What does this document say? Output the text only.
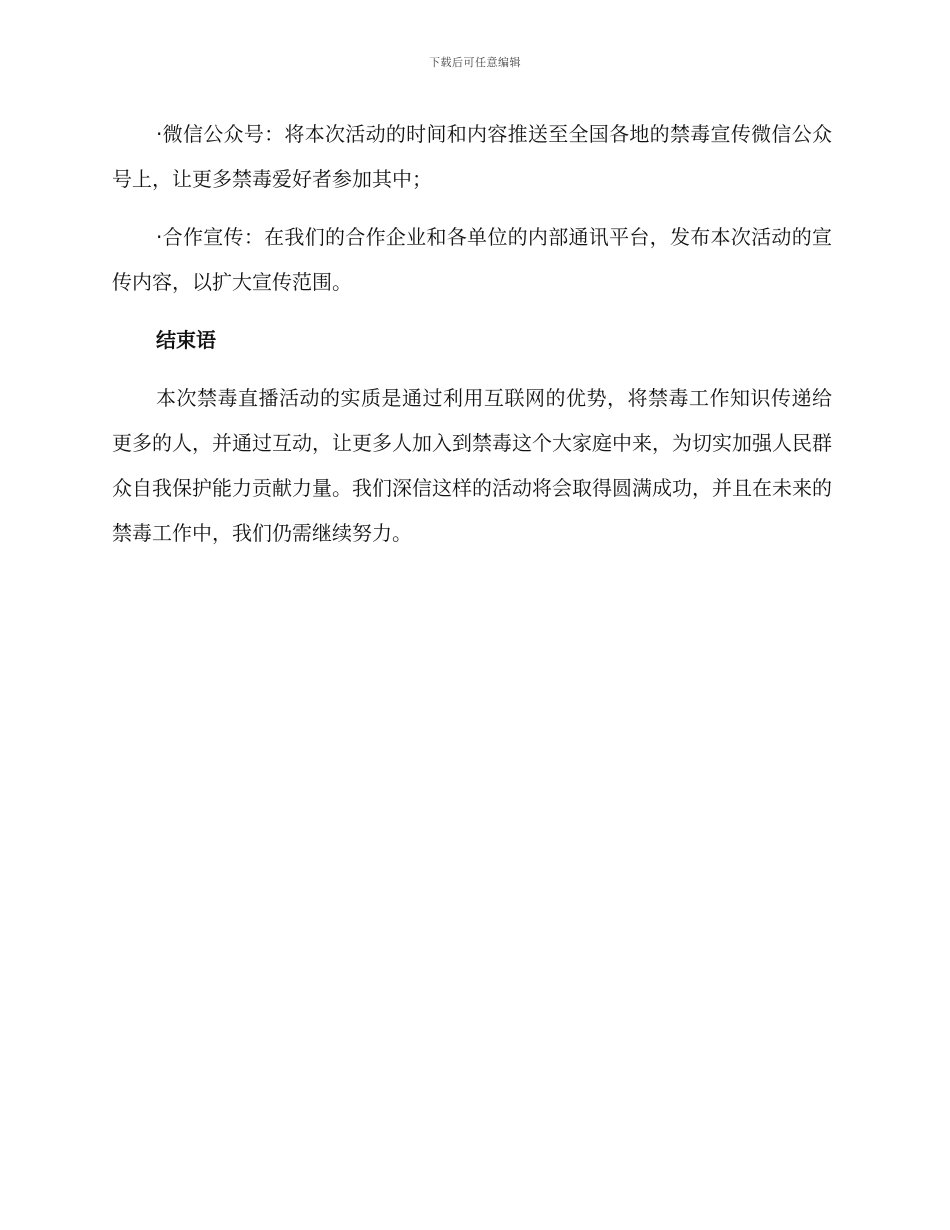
下载后可任意编辑

·微信公众号：将本次活动的时间和内容推送至全国各地的禁毒宣传微信公众号上，让更多禁毒爱好者参加其中；

·合作宣传：在我们的合作企业和各单位的内部通讯平台，发布本次活动的宣传内容，以扩大宣传范围。

结束语

本次禁毒直播活动的实质是通过利用互联网的优势，将禁毒工作知识传递给更多的人，并通过互动，让更多人加入到禁毒这个大家庭中来，为切实加强人民群众自我保护能力贡献力量。我们深信这样的活动将会取得圆满成功，并且在未来的禁毒工作中，我们仍需继续努力。
